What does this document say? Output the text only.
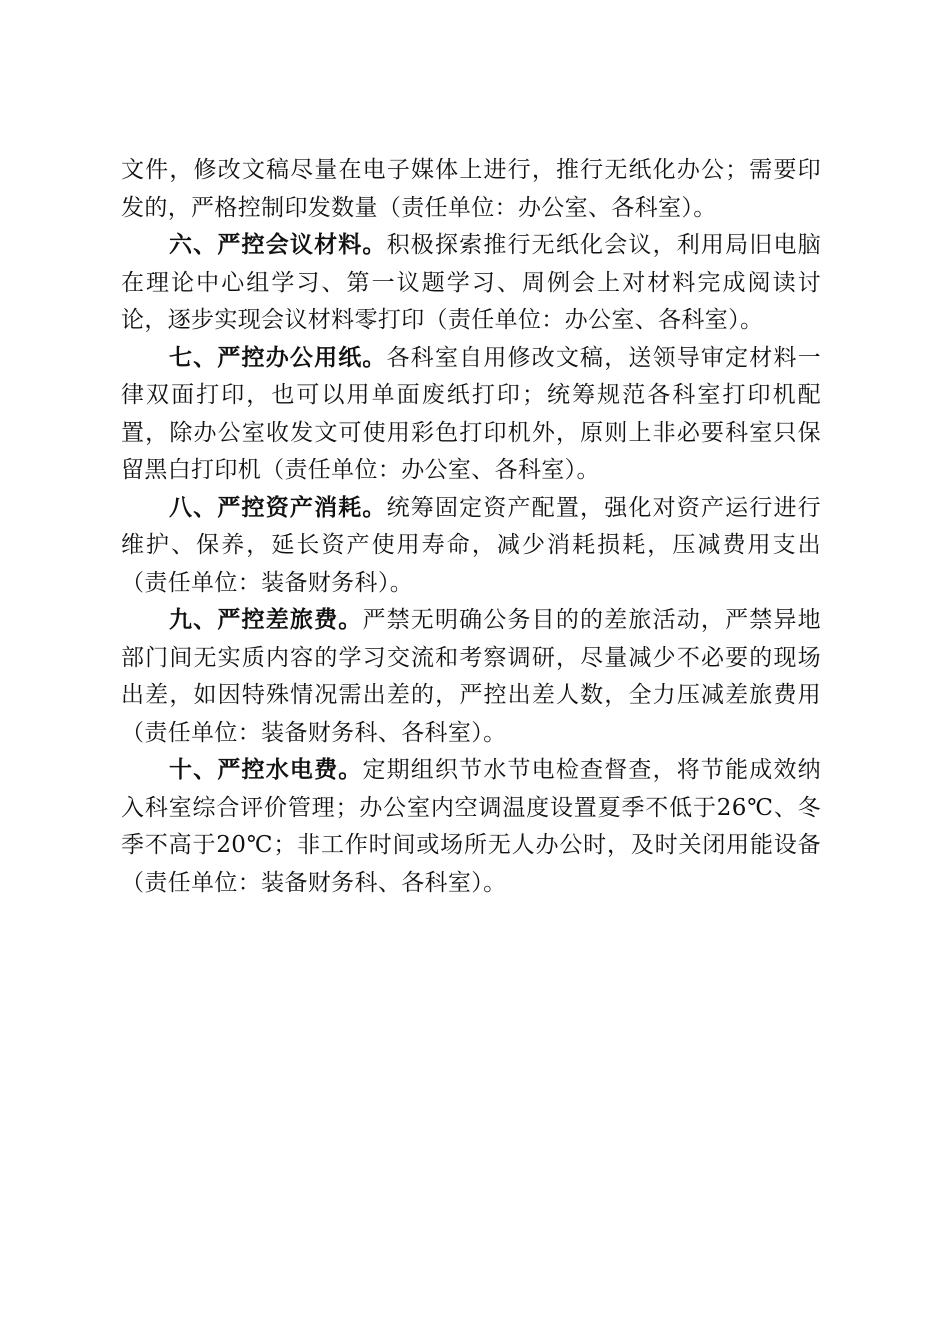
文件，修改文稿尽量在电子媒体上进行，推行无纸化办公；需要印发的，严格控制印发数量（责任单位：办公室、各科室）。

六、严控会议材料。积极探索推行无纸化会议，利用局旧电脑在理论中心组学习、第一议题学习、周例会上对材料完成阅读讨论，逐步实现会议材料零打印（责任单位：办公室、各科室）。

七、严控办公用纸。各科室自用修改文稿，送领导审定材料一律双面打印，也可以用单面废纸打印；统筹规范各科室打印机配置，除办公室收发文可使用彩色打印机外，原则上非必要科室只保留黑白打印机（责任单位：办公室、各科室）。

八、严控资产消耗。统筹固定资产配置，强化对资产运行进行维护、保养，延长资产使用寿命，减少消耗损耗，压减费用支出（责任单位：装备财务科）。

九、严控差旅费。严禁无明确公务目的的差旅活动，严禁异地部门间无实质内容的学习交流和考察调研，尽量减少不必要的现场出差，如因特殊情况需出差的，严控出差人数，全力压减差旅费用（责任单位：装备财务科、各科室）。

十、严控水电费。定期组织节水节电检查督查，将节能成效纳入科室综合评价管理；办公室内空调温度设置夏季不低于26℃、冬季不高于20℃；非工作时间或场所无人办公时，及时关闭用能设备（责任单位：装备财务科、各科室）。
